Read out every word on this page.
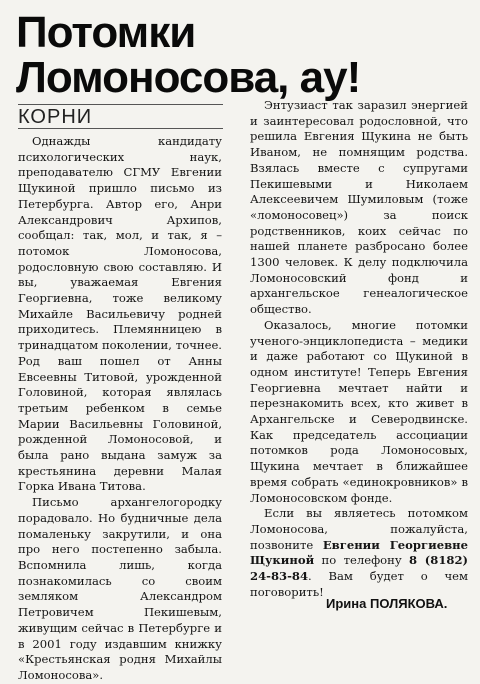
Потомки
Ломоносова, ау!
КОРНИ

Однажды кандидату психологических наук, преподавателю СГМУ Евгении Щукиной пришло письмо из Петербурга. Автор его, Анри Александрович Архипов, сообщал: так, мол, и так, я – потомок Ломоносова, родословную свою составляю. И вы, уважаемая Евгения Георгиевна, тоже великому Михайле Васильевичу родней приходитесь. Племянницею в тринадцатом поколении, точнее. Род ваш пошел от Анны Евсеевны Титовой, урожденной Головиной, которая являлась третьим ребенком в семье Марии Васильевны Головиной, рожденной Ломоносовой, и была рано выдана замуж за крестьянина деревни Малая Горка Ивана Титова.

Письмо архангелогородку порадовало. Но будничные дела помаленьку закрутили, и она про него постепенно забыла. Вспомнила лишь, когда познакомилась со своим земляком Александром Петровичем Пекишевым, живущим сейчас в Петербурге и в 2001 году издавшим книжку «Крестьянская родня Михайлы Ломоносова».

Энтузиаст так заразил энергией и заинтересовал родословной, что решила Евгения Щукина не быть Иваном, не помнящим родства. Взялась вместе с супругами Пекишевыми и Николаем Алексеевичем Шумиловым (тоже «ломоносовец») за поиск родственников, коих сейчас по нашей планете разбросано более 1300 человек. К делу подключила Ломоносовский фонд и архангельское генеалогическое общество.

Оказалось, многие потомки ученого-энциклопедиста – медики и даже работают со Щукиной в одном институте! Теперь Евгения Георгиевна мечтает найти и перезнакомить всех, кто живет в Архангельске и Северодвинске. Как председатель ассоциации потомков рода Ломоносовых, Щукина мечтает в ближайшее время собрать «единокровников» в Ломоносовском фонде.

Если вы являетесь потомком Ломоносова, пожалуйста, позвоните Евгении Георгиевне Щукиной по телефону 8 (8182) 24-83-84. Вам будет о чем поговорить!

Ирина ПОЛЯКОВА.
